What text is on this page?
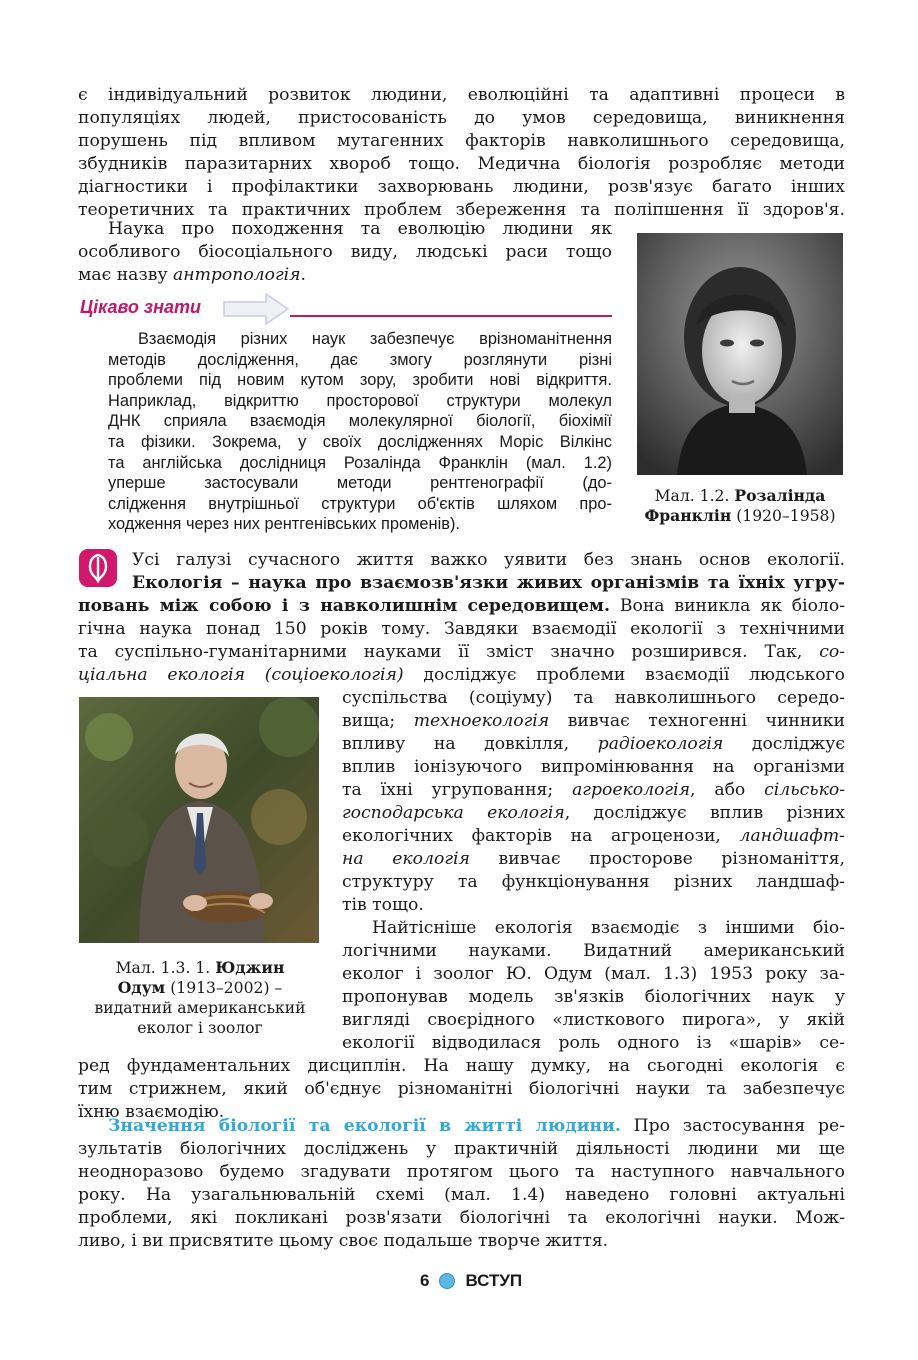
є індивідуальний розвиток людини, еволюційні та адаптивні процеси в
популяціях людей, пристосованість до умов середовища, виникнення
порушень під впливом мутагенних факторів навколишнього середовища,
збудників паразитарних хвороб тощо. Медична біологія розробляє методи
діагностики і профілактики захворювань людини, розв'язує багато інших
теоретичних та практичних проблем збереження та поліпшення її здоров'я.
Наука про походження та еволюцію людини як
особливого біосоціального виду, людські раси тощо
має назву антропологія.
Цікаво знати
Взаємодія різних наук забезпечує врізноманітнення
методів дослідження, дає змогу розглянути різні
проблеми під новим кутом зору, зробити нові відкриття.
Наприклад, відкриттю просторової структури молекул
ДНК сприяла взаємодія молекулярної біології, біохімії
та фізики. Зокрема, у своїх дослідженнях Моріс Вілкінс
та англійська дослідниця Розалінда Франклін (мал. 1.2)
уперше застосували методи рентгенографії (до-
слідження внутрішньої структури об'єктів шляхом про-
ходження через них рентгенівських променів).
Мал. 1.2. Розалінда
Франклін (1920–1958)
Усі галузі сучасного життя важко уявити без знань основ екології.
Екологія – наука про взаємозв'язки живих організмів та їхніх угру-
повань між собою і з навколишнім середовищем. Вона виникла як біоло-
гічна наука понад 150 років тому. Завдяки взаємодії екології з технічними
та суспільно-гуманітарними науками її зміст значно розширився. Так, со-
ціальна екологія (соціоекологія) досліджує проблеми взаємодії людського
Мал. 1.3. 1. Юджин
Одум (1913–2002) –
видатний американський
еколог і зоолог
суспільства (соціуму) та навколишнього середо-
вища; техноекологія вивчає техногенні чинники
впливу на довкілля, радіоекологія досліджує
вплив іонізуючого випромінювання на організми
та їхні угруповання; агроекологія, або сільсько-
господарська екологія, досліджує вплив різних
екологічних факторів на агроценози, ландшафт-
на екологія вивчає просторове різноманіття,
структуру та функціонування різних ландшаф-
тів тощо.
Найтісніше екологія взаємодіє з іншими біо-
логічними науками. Видатний американський
еколог і зоолог Ю. Одум (мал. 1.3) 1953 року за-
пропонував модель зв'язків біологічних наук у
вигляді своєрідного «листкового пирога», у якій
екології відводилася роль одного із «шарів» се-
ред фундаментальних дисциплін. На нашу думку, на сьогодні екологія є
тим стрижнем, який об'єднує різноманітні біологічні науки та забезпечує
їхню взаємодію.
Значення біології та екології в житті людини. Про застосування ре-
зультатів біологічних досліджень у практичній діяльності людини ми ще
неодноразово будемо згадувати протягом цього та наступного навчального
року. На узагальнювальній схемі (мал. 1.4) наведено головні актуальні
проблеми, які покликані розв'язати біологічні та екологічні науки. Мож-
ливо, і ви присвятите цьому своє подальше творче життя.
6 ВСТУП
